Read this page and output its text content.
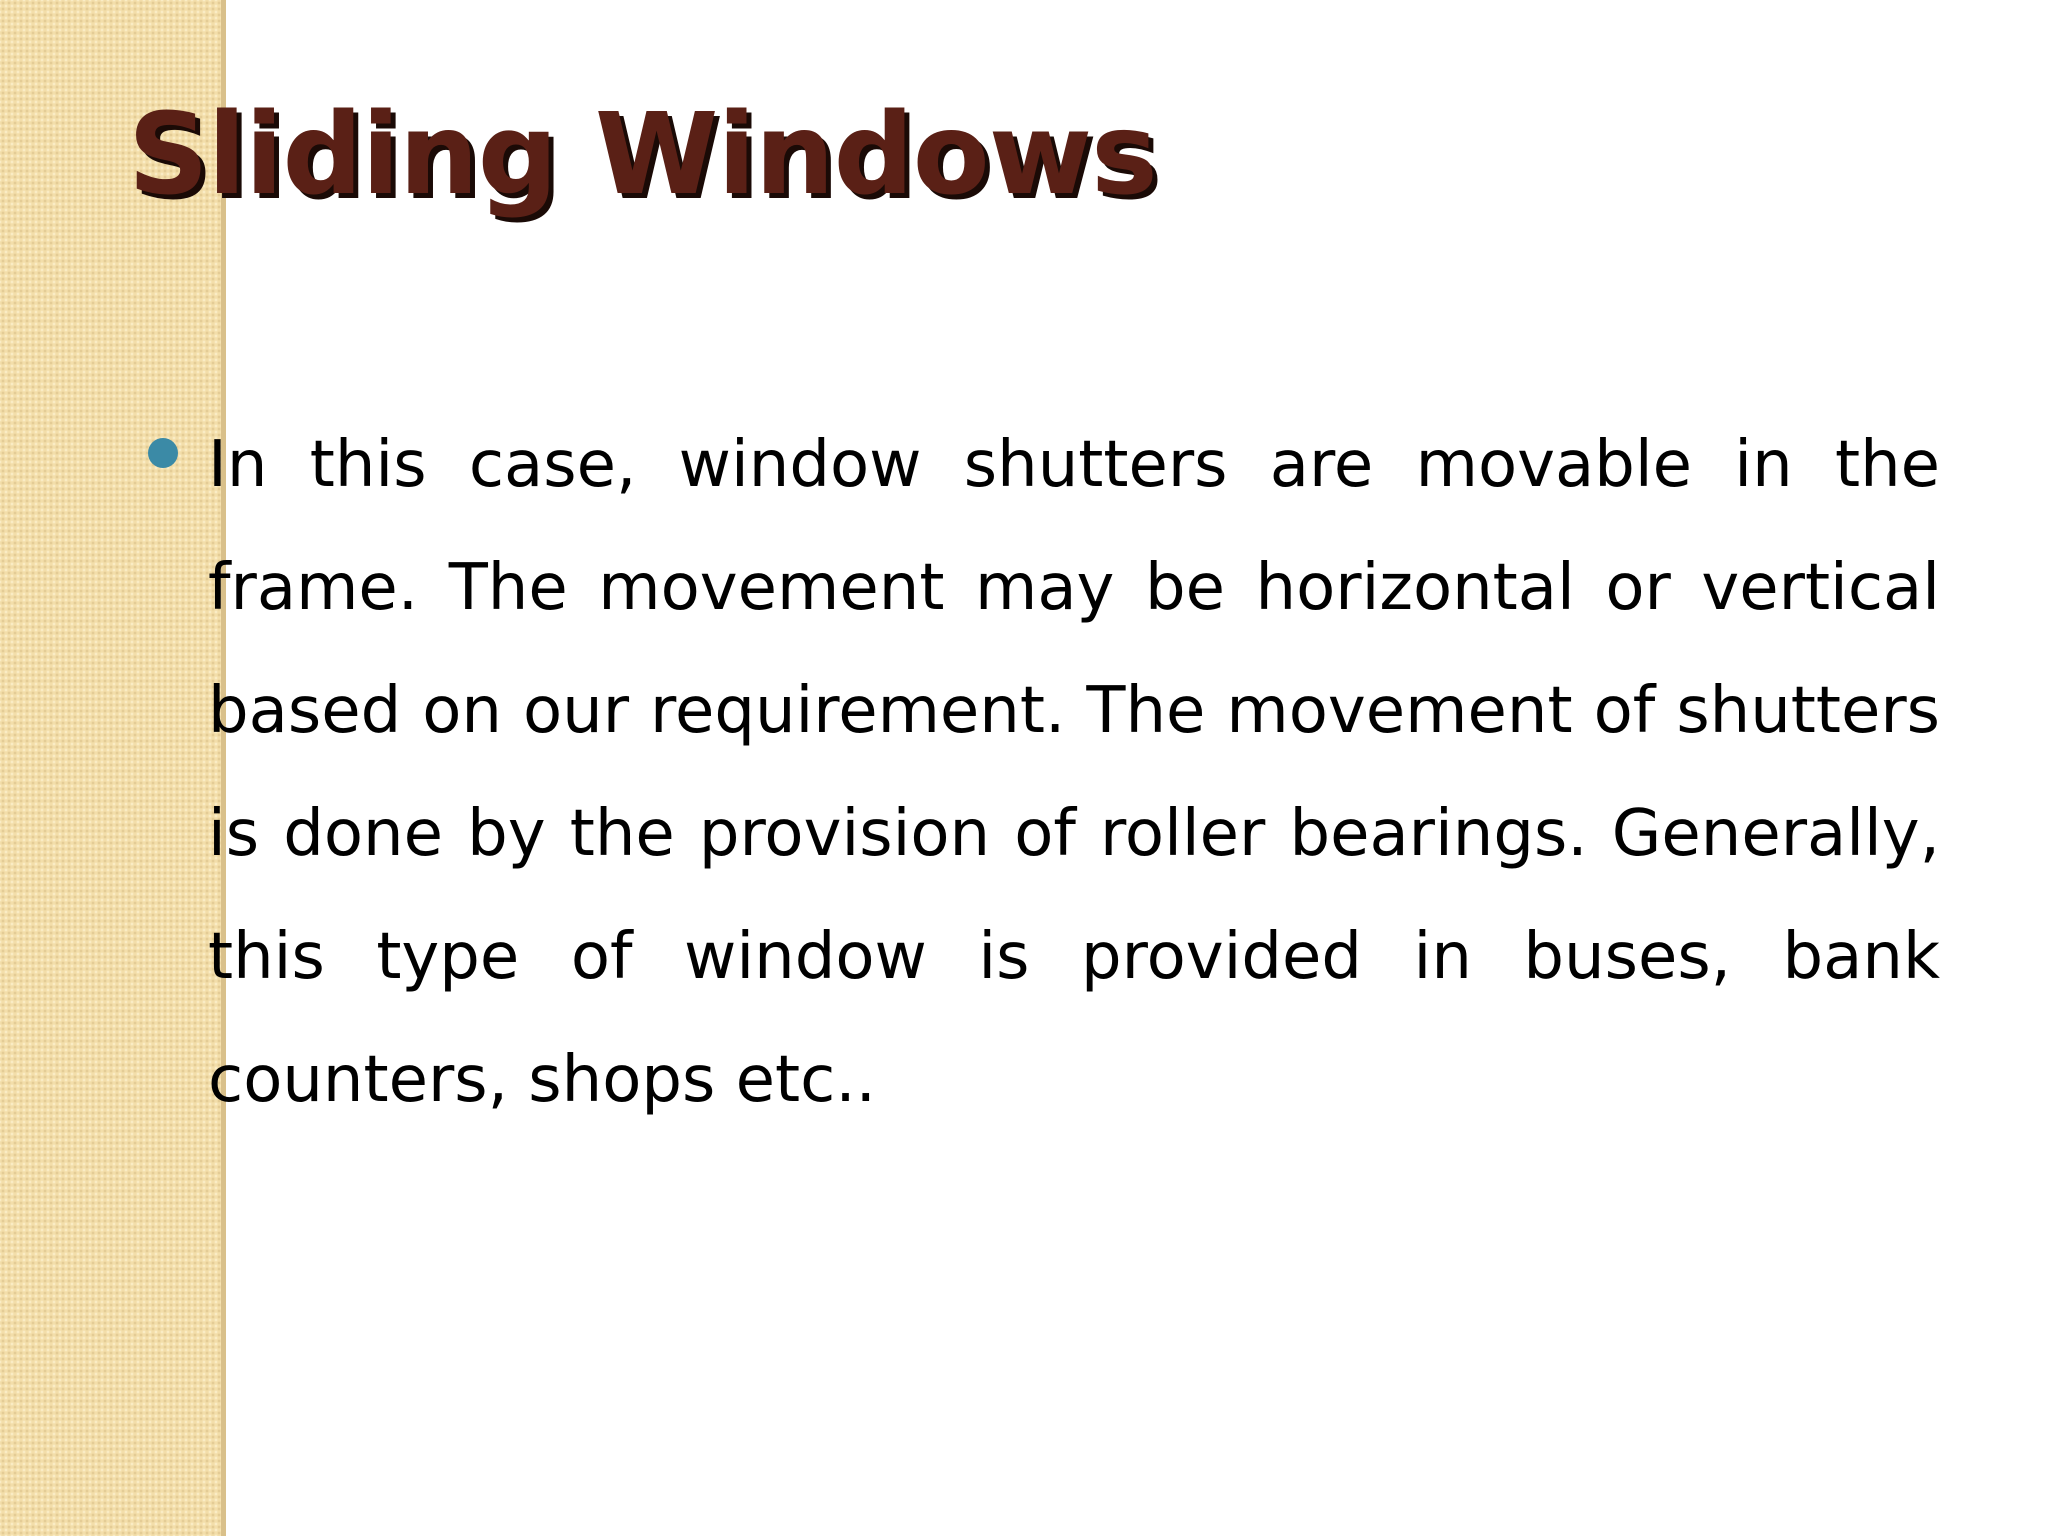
Sliding Windows

In this case, window shutters are movable in the frame. The movement may be horizontal or vertical based on our requirement. The movement of shutters is done by the provision of roller bearings. Generally, this type of window is provided in buses, bank counters, shops etc..
